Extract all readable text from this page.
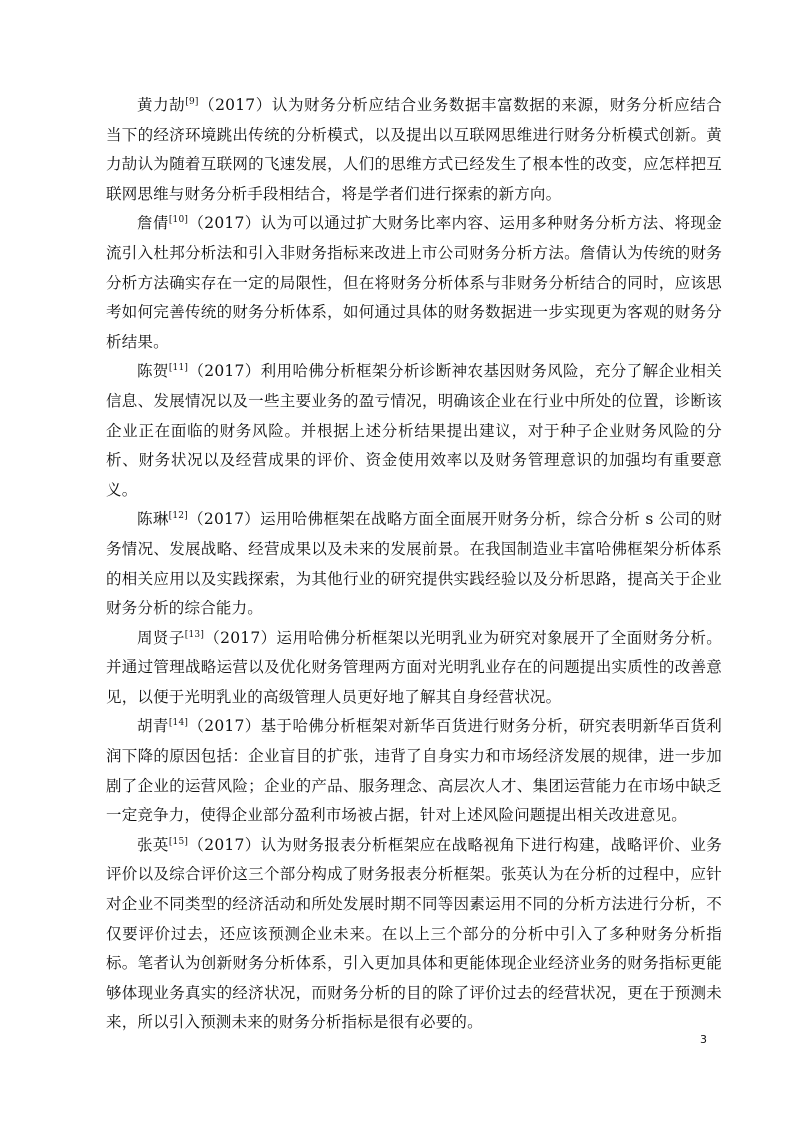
黄力劼[9]（2017）认为财务分析应结合业务数据丰富数据的来源，财务分析应结合当下的经济环境跳出传统的分析模式，以及提出以互联网思维进行财务分析模式创新。黄力劼认为随着互联网的飞速发展，人们的思维方式已经发生了根本性的改变，应怎样把互联网思维与财务分析手段相结合，将是学者们进行探索的新方向。

詹倩[10]（2017）认为可以通过扩大财务比率内容、运用多种财务分析方法、将现金流引入杜邦分析法和引入非财务指标来改进上市公司财务分析方法。詹倩认为传统的财务分析方法确实存在一定的局限性，但在将财务分析体系与非财务分析结合的同时，应该思考如何完善传统的财务分析体系，如何通过具体的财务数据进一步实现更为客观的财务分析结果。

陈贺[11]（2017）利用哈佛分析框架分析诊断神农基因财务风险，充分了解企业相关信息、发展情况以及一些主要业务的盈亏情况，明确该企业在行业中所处的位置，诊断该企业正在面临的财务风险。并根据上述分析结果提出建议，对于种子企业财务风险的分析、财务状况以及经营成果的评价、资金使用效率以及财务管理意识的加强均有重要意义。

陈琳[12]（2017）运用哈佛框架在战略方面全面展开财务分析，综合分析 s 公司的财务情况、发展战略、经营成果以及未来的发展前景。在我国制造业丰富哈佛框架分析体系的相关应用以及实践探索，为其他行业的研究提供实践经验以及分析思路，提高关于企业财务分析的综合能力。

周贤子[13]（2017）运用哈佛分析框架以光明乳业为研究对象展开了全面财务分析。并通过管理战略运营以及优化财务管理两方面对光明乳业存在的问题提出实质性的改善意见，以便于光明乳业的高级管理人员更好地了解其自身经营状况。

胡青[14]（2017）基于哈佛分析框架对新华百货进行财务分析，研究表明新华百货利润下降的原因包括：企业盲目的扩张，违背了自身实力和市场经济发展的规律，进一步加剧了企业的运营风险；企业的产品、服务理念、高层次人才、集团运营能力在市场中缺乏一定竞争力，使得企业部分盈利市场被占据，针对上述风险问题提出相关改进意见。

张英[15]（2017）认为财务报表分析框架应在战略视角下进行构建，战略评价、业务评价以及综合评价这三个部分构成了财务报表分析框架。张英认为在分析的过程中，应针对企业不同类型的经济活动和所处发展时期不同等因素运用不同的分析方法进行分析，不仅要评价过去，还应该预测企业未来。在以上三个部分的分析中引入了多种财务分析指标。笔者认为创新财务分析体系，引入更加具体和更能体现企业经济业务的财务指标更能够体现业务真实的经济状况，而财务分析的目的除了评价过去的经营状况，更在于预测未来，所以引入预测未来的财务分析指标是很有必要的。

3
